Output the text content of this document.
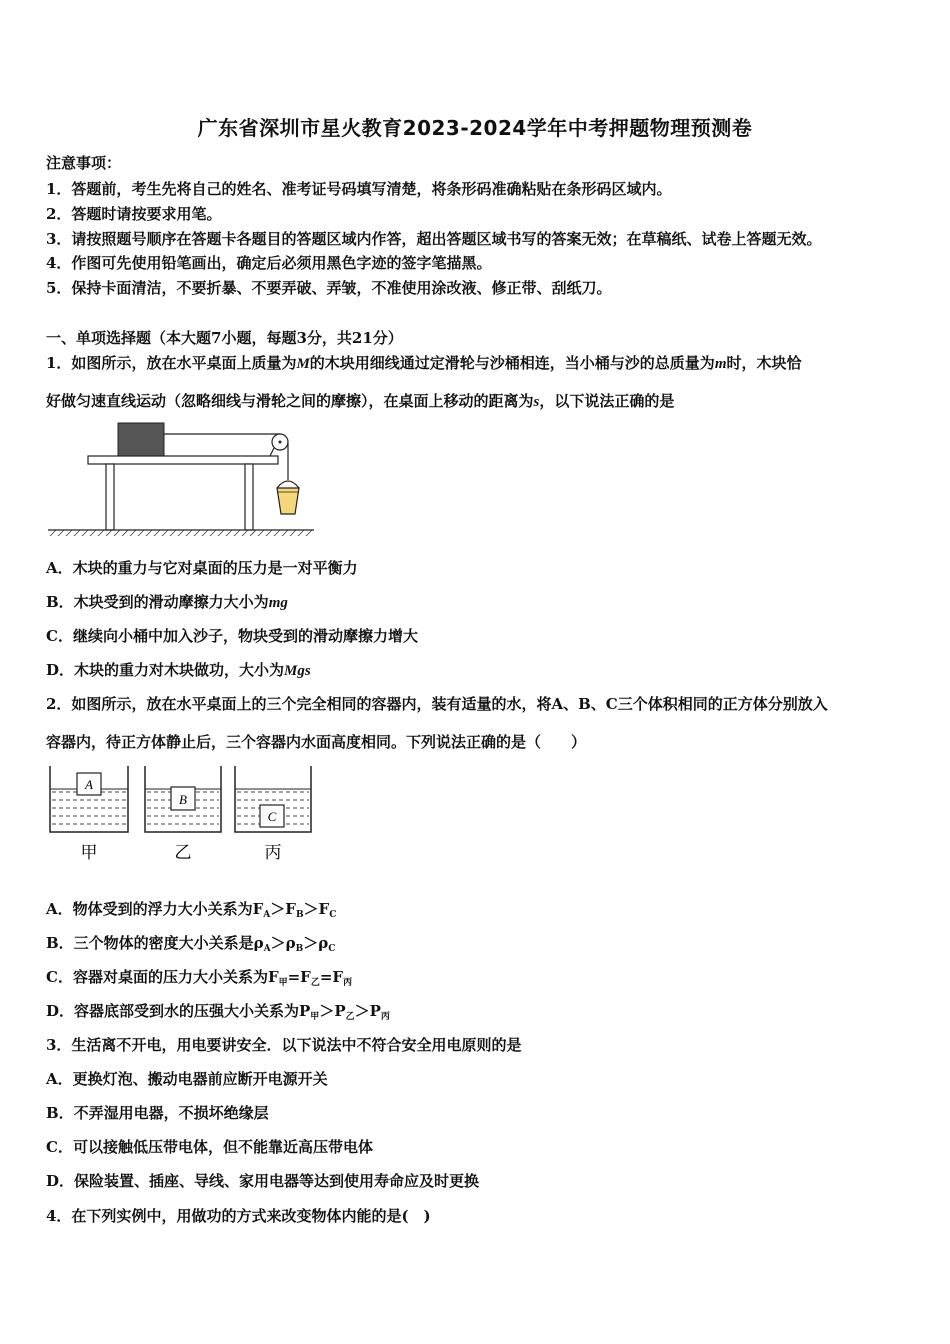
广东省深圳市星火教育2023-2024学年中考押题物理预测卷
注意事项：
1．答题前，考生先将自己的姓名、准考证号码填写清楚，将条形码准确粘贴在条形码区域内。
2．答题时请按要求用笔。
3．请按照题号顺序在答题卡各题目的答题区域内作答，超出答题区域书写的答案无效；在草稿纸、试卷上答题无效。
4．作图可先使用铅笔画出，确定后必须用黑色字迹的签字笔描黑。
5．保持卡面清洁，不要折暴、不要弄破、弄皱，不准使用涂改液、修正带、刮纸刀。
一、单项选择题（本大题7小题，每题3分，共21分）
1．如图所示，放在水平桌面上质量为M的木块用细线通过定滑轮与沙桶相连，当小桶与沙的总质量为m时，木块恰
好做匀速直线运动（忽略细线与滑轮之间的摩擦），在桌面上移动的距离为s，以下说法正确的是
A．木块的重力与它对桌面的压力是一对平衡力
B．木块受到的滑动摩擦力大小为mg
C．继续向小桶中加入沙子，物块受到的滑动摩擦力增大
D．木块的重力对木块做功，大小为Mgs
2．如图所示，放在水平桌面上的三个完全相同的容器内，装有适量的水，将A、B、C三个体积相同的正方体分别放入
容器内，待正方体静止后，三个容器内水面高度相同。下列说法正确的是（　　）
A
B
C
甲	乙	丙
A．物体受到的浮力大小关系为$F_A>F_B>F_C$
B．三个物体的密度大小关系是$\rho_A>\rho_B>\rho_C$
C．容器对桌面的压力大小关系为$F_甲=F_乙=F_丙$
D．容器底部受到水的压强大小关系为$P_甲>P_乙>P_丙$
3．生活离不开电，用电要讲安全．以下说法中不符合安全用电原则的是
A．更换灯泡、搬动电器前应断开电源开关
B．不弄湿用电器，不损坏绝缘层
C．可以接触低压带电体，但不能靠近高压带电体
D．保险装置、插座、导线、家用电器等达到使用寿命应及时更换
4．在下列实例中，用做功的方式来改变物体内能的是(　)
